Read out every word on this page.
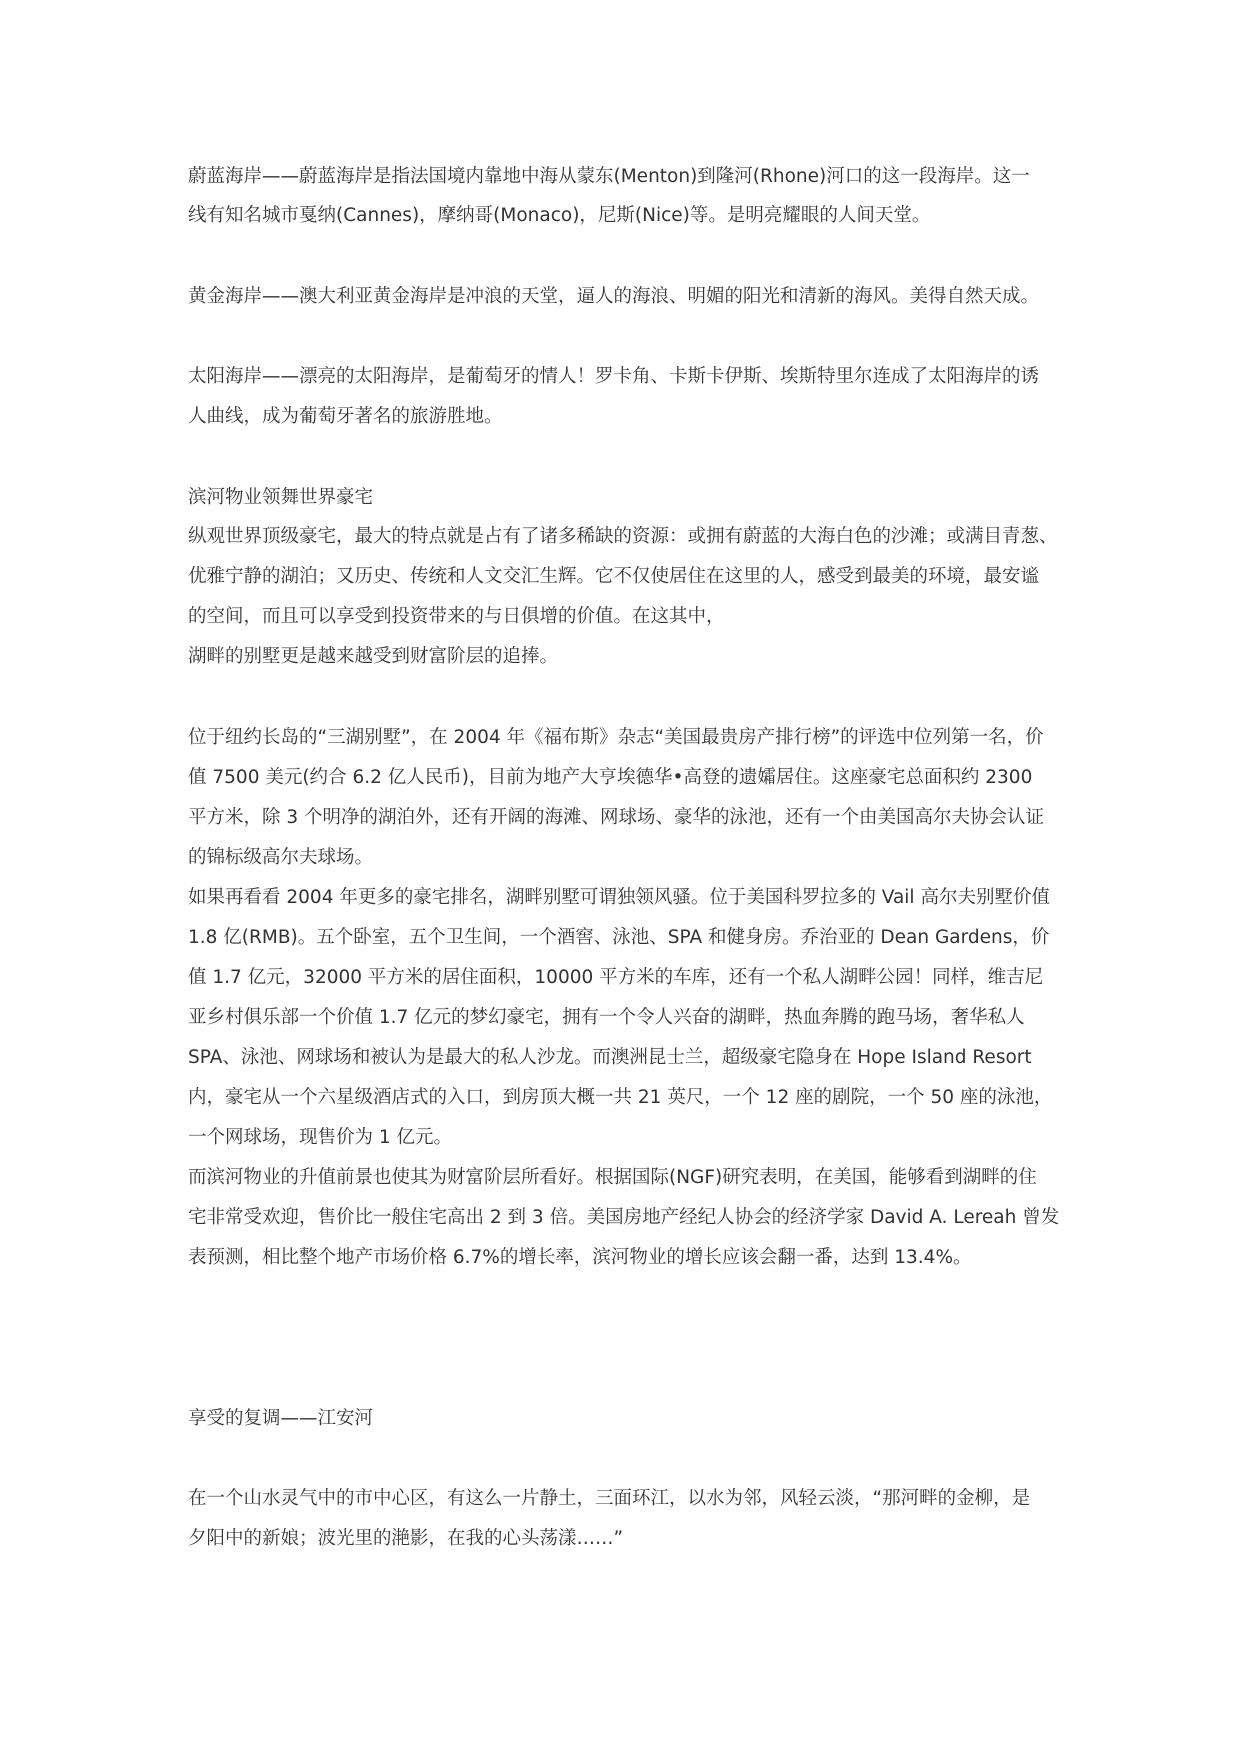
蔚蓝海岸——蔚蓝海岸是指法国境内靠地中海从蒙东(Menton)到隆河(Rhone)河口的这一段海岸。这一
线有知名城市戛纳(Cannes)，摩纳哥(Monaco)，尼斯(Nice)等。是明亮耀眼的人间天堂。
黄金海岸——澳大利亚黄金海岸是冲浪的天堂，逼人的海浪、明媚的阳光和清新的海风。美得自然天成。
太阳海岸——漂亮的太阳海岸，是葡萄牙的情人！罗卡角、卡斯卡伊斯、埃斯特里尔连成了太阳海岸的诱
人曲线，成为葡萄牙著名的旅游胜地。
滨河物业领舞世界豪宅
纵观世界顶级豪宅，最大的特点就是占有了诸多稀缺的资源：或拥有蔚蓝的大海白色的沙滩；或满目青葱、
优雅宁静的湖泊；又历史、传统和人文交汇生辉。它不仅使居住在这里的人，感受到最美的环境，最安谧
的空间，而且可以享受到投资带来的与日俱增的价值。在这其中，
湖畔的别墅更是越来越受到财富阶层的追捧。
位于纽约长岛的“三湖别墅”，在 2004 年《福布斯》杂志“美国最贵房产排行榜”的评选中位列第一名，价
值 7500 美元(约合 6.2 亿人民币)，目前为地产大亨埃德华•高登的遗孀居住。这座豪宅总面积约 2300
平方米，除 3 个明净的湖泊外，还有开阔的海滩、网球场、豪华的泳池，还有一个由美国高尔夫协会认证
的锦标级高尔夫球场。
如果再看看 2004 年更多的豪宅排名，湖畔别墅可谓独领风骚。位于美国科罗拉多的 Vail 高尔夫别墅价值
1.8 亿(RMB)。五个卧室，五个卫生间，一个酒窖、泳池、SPA 和健身房。乔治亚的 Dean Gardens，价
值 1.7 亿元，32000 平方米的居住面积，10000 平方米的车库，还有一个私人湖畔公园！同样，维吉尼
亚乡村俱乐部一个价值 1.7 亿元的梦幻豪宅，拥有一个令人兴奋的湖畔，热血奔腾的跑马场，奢华私人
SPA、泳池、网球场和被认为是最大的私人沙龙。而澳洲昆士兰，超级豪宅隐身在 Hope Island Resort
内，豪宅从一个六星级酒店式的入口，到房顶大概一共 21 英尺，一个 12 座的剧院，一个 50 座的泳池，
一个网球场，现售价为 1 亿元。
而滨河物业的升值前景也使其为财富阶层所看好。根据国际(NGF)研究表明，在美国，能够看到湖畔的住
宅非常受欢迎，售价比一般住宅高出 2 到 3 倍。美国房地产经纪人协会的经济学家 David A. Lereah 曾发
表预测，相比整个地产市场价格 6.7%的增长率，滨河物业的增长应该会翻一番，达到 13.4%。
享受的复调——江安河
在一个山水灵气中的市中心区，有这么一片静土，三面环江，以水为邻，风轻云淡，“那河畔的金柳，是
夕阳中的新娘；波光里的滟影，在我的心头荡漾……”
